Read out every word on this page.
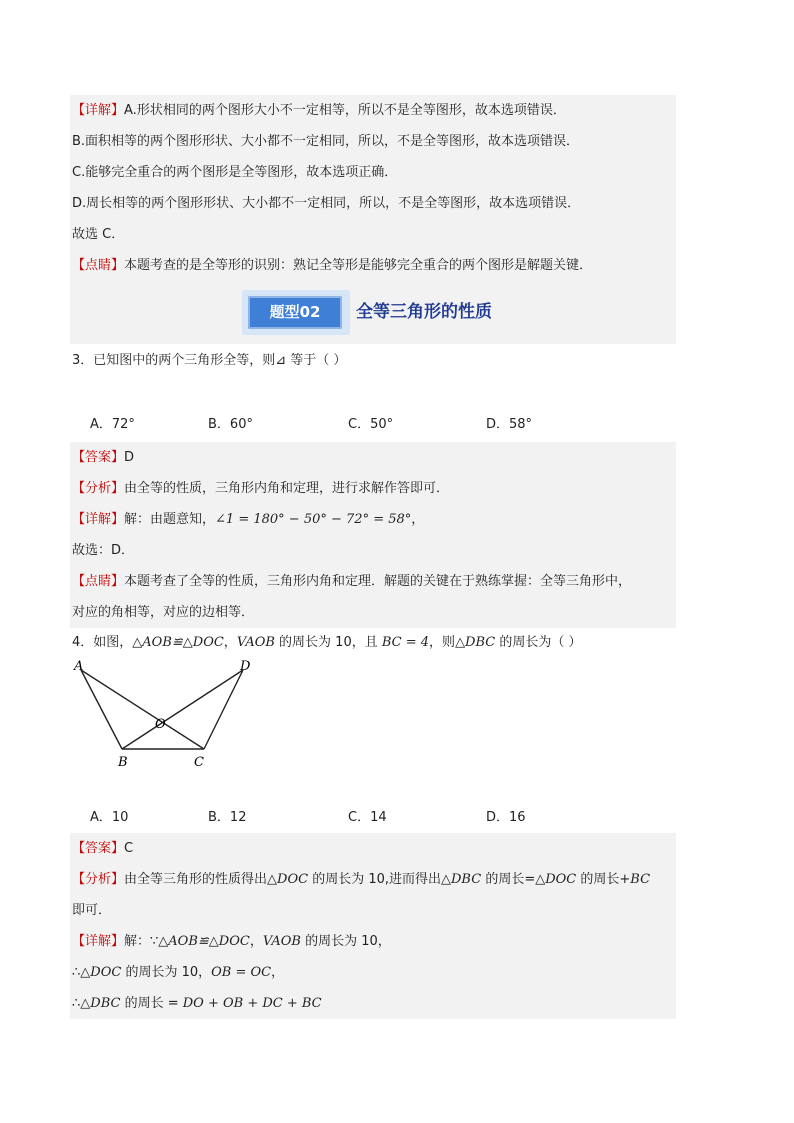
【详解】A.形状相同的两个图形大小不一定相等，所以不是全等图形，故本选项错误．
B.面积相等的两个图形形状、大小都不一定相同，所以，不是全等图形，故本选项错误．
C.能够完全重合的两个图形是全等图形，故本选项正确．
D.周长相等的两个图形形状、大小都不一定相同，所以，不是全等图形，故本选项错误．
故选 C．
【点睛】本题考查的是全等形的识别：熟记全等形是能够完全重合的两个图形是解题关键．
题型02	全等三角形的性质
3．已知图中的两个三角形全等，则⊿ 等于（ ）
A．72°	B．60°	C．50°	D．58°
【答案】D
【分析】由全等的性质，三角形内角和定理，进行求解作答即可．
【详解】解：由题意知，∠1 = 180° − 50° − 72° = 58°，
故选：D．
【点睛】本题考查了全等的性质，三角形内角和定理．解题的关键在于熟练掌握：全等三角形中，
对应的角相等，对应的边相等．
4．如图，△AOB≌△DOC，VAOB 的周长为 10，且 BC = 4，则△DBC 的周长为（ ）
A	D
O
B	C
A．10	B．12	C．14	D．16
【答案】C
【分析】由全等三角形的性质得出△DOC 的周长为 10,进而得出△DBC 的周长=△DOC 的周长+BC
即可．
【详解】解：∵△AOB≌△DOC，VAOB 的周长为 10，
∴△DOC 的周长为 10，OB = OC，
∴△DBC 的周长 = DO + OB + DC + BC
